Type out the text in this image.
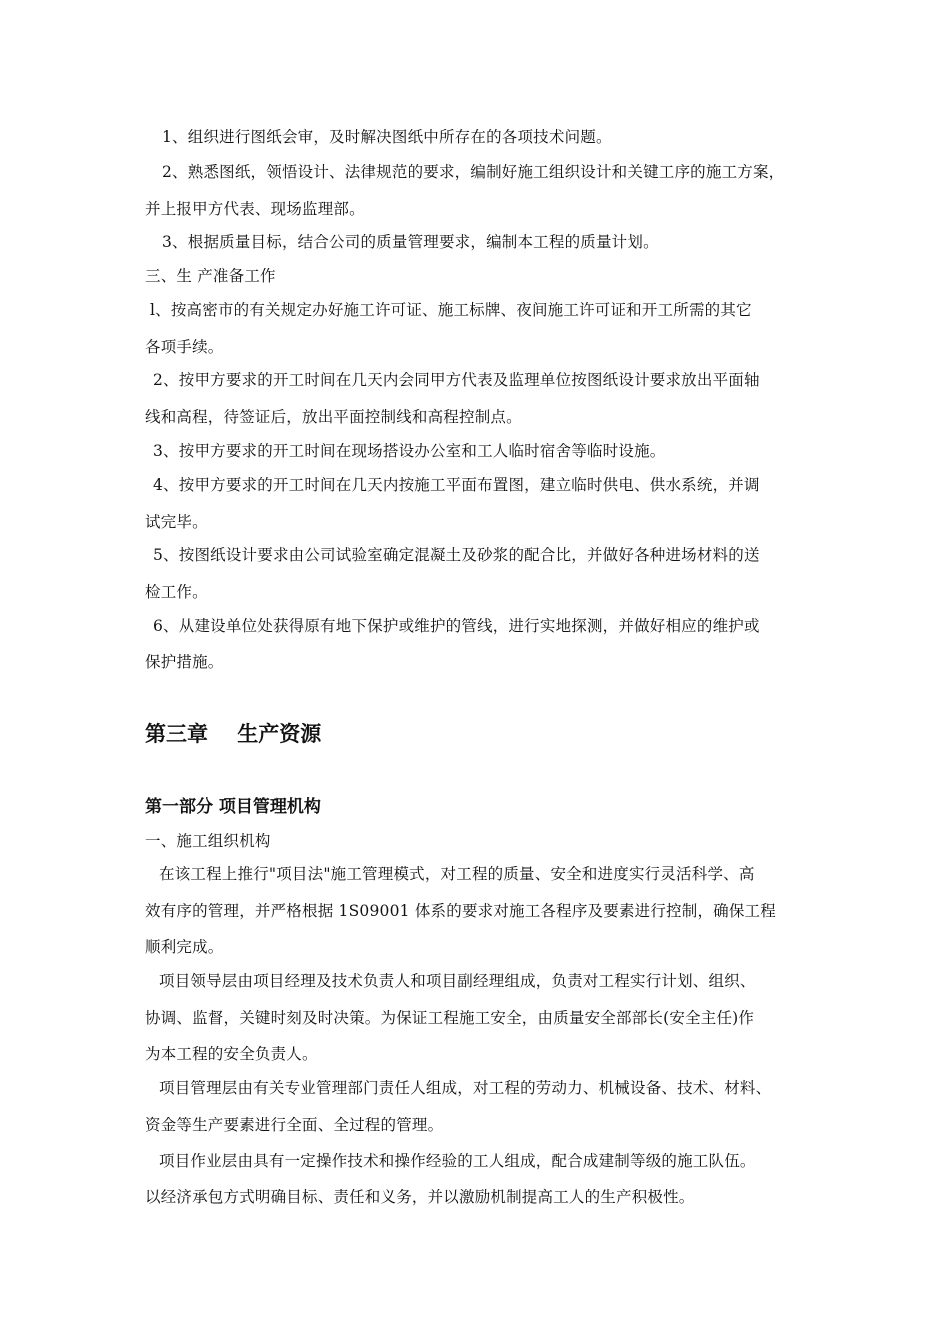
1、组织进行图纸会审，及时解决图纸中所存在的各项技术问题。
2、熟悉图纸，领悟设计、法律规范的要求，编制好施工组织设计和关键工序的施工方案，
并上报甲方代表、现场监理部。
3、根据质量目标，结合公司的质量管理要求，编制本工程的质量计划。
三、生 产准备工作
l、按高密市的有关规定办好施工许可证、施工标牌、夜间施工许可证和开工所需的其它
各项手续。
2、按甲方要求的开工时间在几天内会同甲方代表及监理单位按图纸设计要求放出平面轴
线和高程，待签证后，放出平面控制线和高程控制点。
3、按甲方要求的开工时间在现场搭设办公室和工人临时宿舍等临时设施。
4、按甲方要求的开工时间在几天内按施工平面布置图，建立临时供电、供水系统，并调
试完毕。
5、按图纸设计要求由公司试验室确定混凝土及砂浆的配合比，并做好各种进场材料的送
检工作。
6、从建设单位处获得原有地下保护或维护的管线，进行实地探测，并做好相应的维护或
保护措施。
第三章    生产资源
第一部分 项目管理机构
一、施工组织机构
在该工程上推行"项目法"施工管理模式，对工程的质量、安全和进度实行灵活科学、高
效有序的管理，并严格根据 1S09001 体系的要求对施工各程序及要素进行控制，确保工程
顺利完成。
项目领导层由项目经理及技术负责人和项目副经理组成，负责对工程实行计划、组织、
协调、监督，关键时刻及时决策。为保证工程施工安全，由质量安全部部长(安全主任)作
为本工程的安全负责人。
项目管理层由有关专业管理部门责任人组成，对工程的劳动力、机械设备、技术、材料、
资金等生产要素进行全面、全过程的管理。
项目作业层由具有一定操作技术和操作经验的工人组成，配合成建制等级的施工队伍。
以经济承包方式明确目标、责任和义务，并以激励机制提高工人的生产积极性。
